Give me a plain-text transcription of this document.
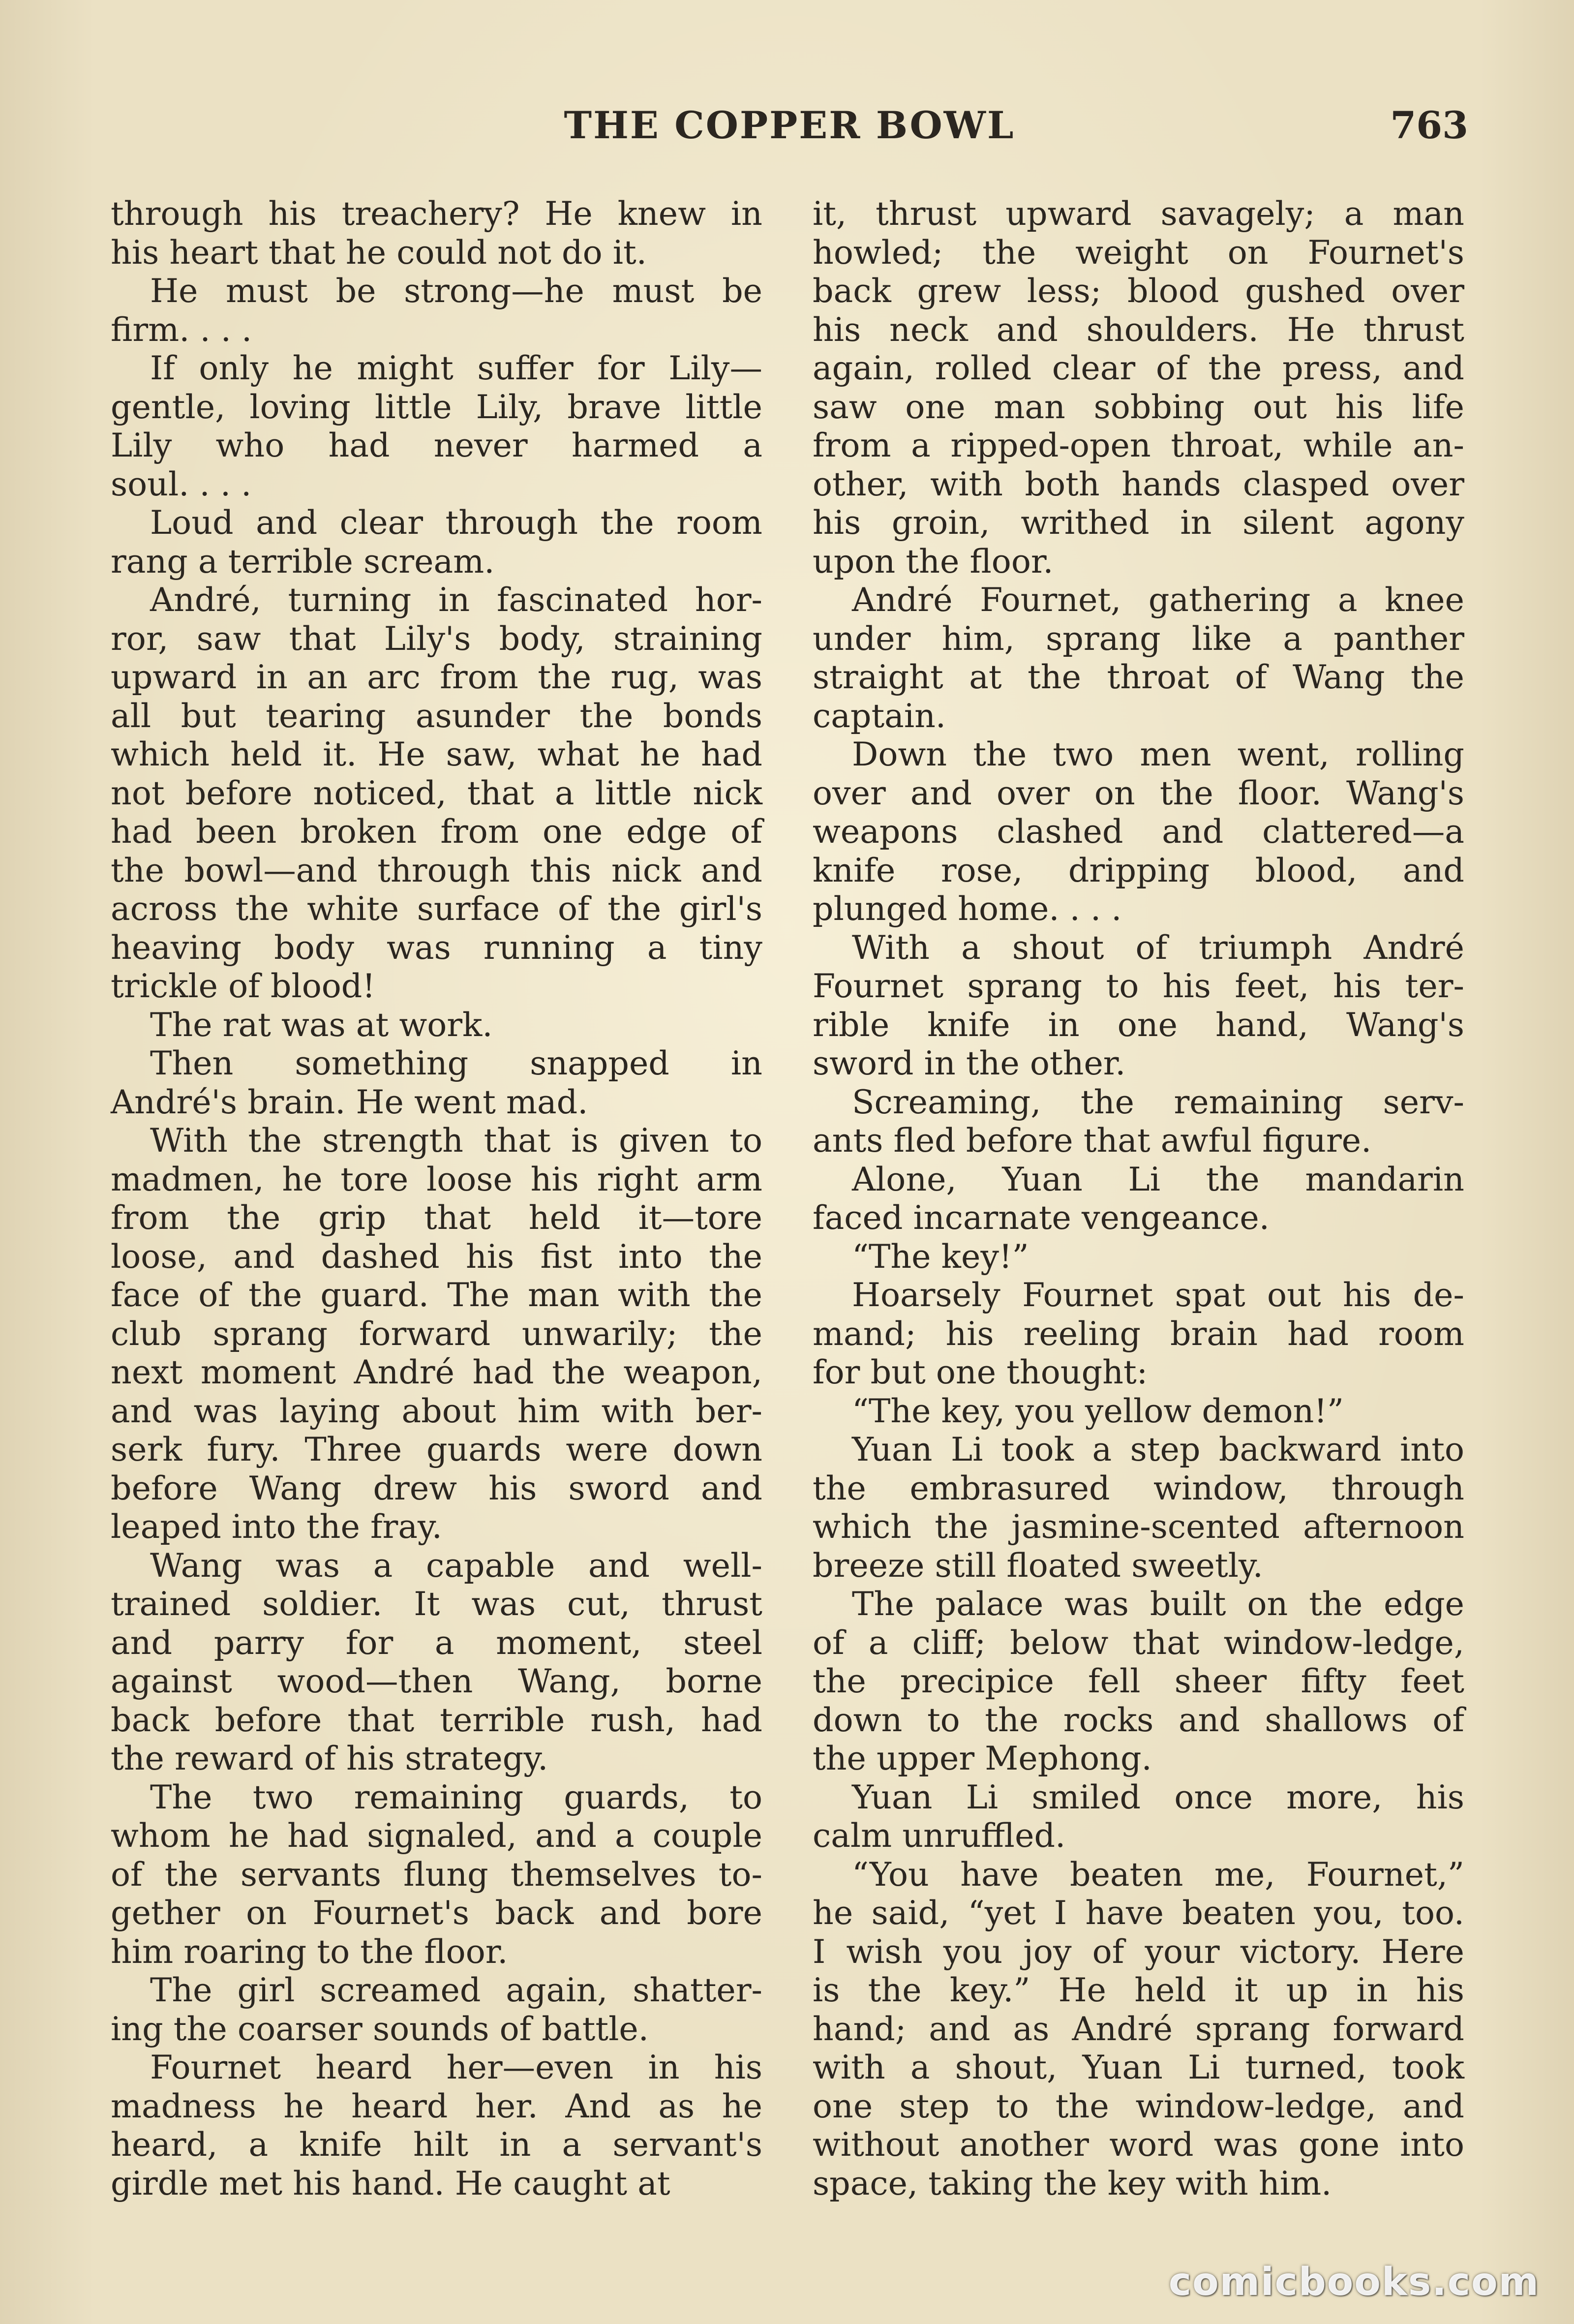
THE COPPER BOWL	763

through his treachery? He knew in
his heart that he could not do it.

He must be strong—he must be
firm. . . .

If only he might suffer for Lily—
gentle, loving little Lily, brave little
Lily who had never harmed a
soul. . . .

Loud and clear through the room
rang a terrible scream.

André, turning in fascinated hor-
ror, saw that Lily's body, straining
upward in an arc from the rug, was
all but tearing asunder the bonds
which held it. He saw, what he had
not before noticed, that a little nick
had been broken from one edge of
the bowl—and through this nick and
across the white surface of the girl's
heaving body was running a tiny
trickle of blood!

The rat was at work.

Then something snapped in
André's brain. He went mad.

With the strength that is given to
madmen, he tore loose his right arm
from the grip that held it—tore
loose, and dashed his fist into the
face of the guard. The man with the
club sprang forward unwarily; the
next moment André had the weapon,
and was laying about him with ber-
serk fury. Three guards were down
before Wang drew his sword and
leaped into the fray.

Wang was a capable and well-
trained soldier. It was cut, thrust
and parry for a moment, steel
against wood—then Wang, borne
back before that terrible rush, had
the reward of his strategy.

The two remaining guards, to
whom he had signaled, and a couple
of the servants flung themselves to-
gether on Fournet's back and bore
him roaring to the floor.

The girl screamed again, shatter-
ing the coarser sounds of battle.

Fournet heard her—even in his
madness he heard her. And as he
heard, a knife hilt in a servant's
girdle met his hand. He caught at

it, thrust upward savagely; a man
howled; the weight on Fournet's
back grew less; blood gushed over
his neck and shoulders. He thrust
again, rolled clear of the press, and
saw one man sobbing out his life
from a ripped-open throat, while an-
other, with both hands clasped over
his groin, writhed in silent agony
upon the floor.

André Fournet, gathering a knee
under him, sprang like a panther
straight at the throat of Wang the
captain.

Down the two men went, rolling
over and over on the floor. Wang's
weapons clashed and clattered—a
knife rose, dripping blood, and
plunged home. . . .

With a shout of triumph André
Fournet sprang to his feet, his ter-
rible knife in one hand, Wang's
sword in the other.

Screaming, the remaining serv-
ants fled before that awful figure.

Alone, Yuan Li the mandarin
faced incarnate vengeance.

“The key!”

Hoarsely Fournet spat out his de-
mand; his reeling brain had room
for but one thought:

“The key, you yellow demon!”

Yuan Li took a step backward into
the embrasured window, through
which the jasmine-scented afternoon
breeze still floated sweetly.

The palace was built on the edge
of a cliff; below that window-ledge,
the precipice fell sheer fifty feet
down to the rocks and shallows of
the upper Mephong.

Yuan Li smiled once more, his
calm unruffled.

“You have beaten me, Fournet,”
he said, “yet I have beaten you, too.
I wish you joy of your victory. Here
is the key.” He held it up in his
hand; and as André sprang forward
with a shout, Yuan Li turned, took
one step to the window-ledge, and
without another word was gone into
space, taking the key with him.

comicbooks.com
